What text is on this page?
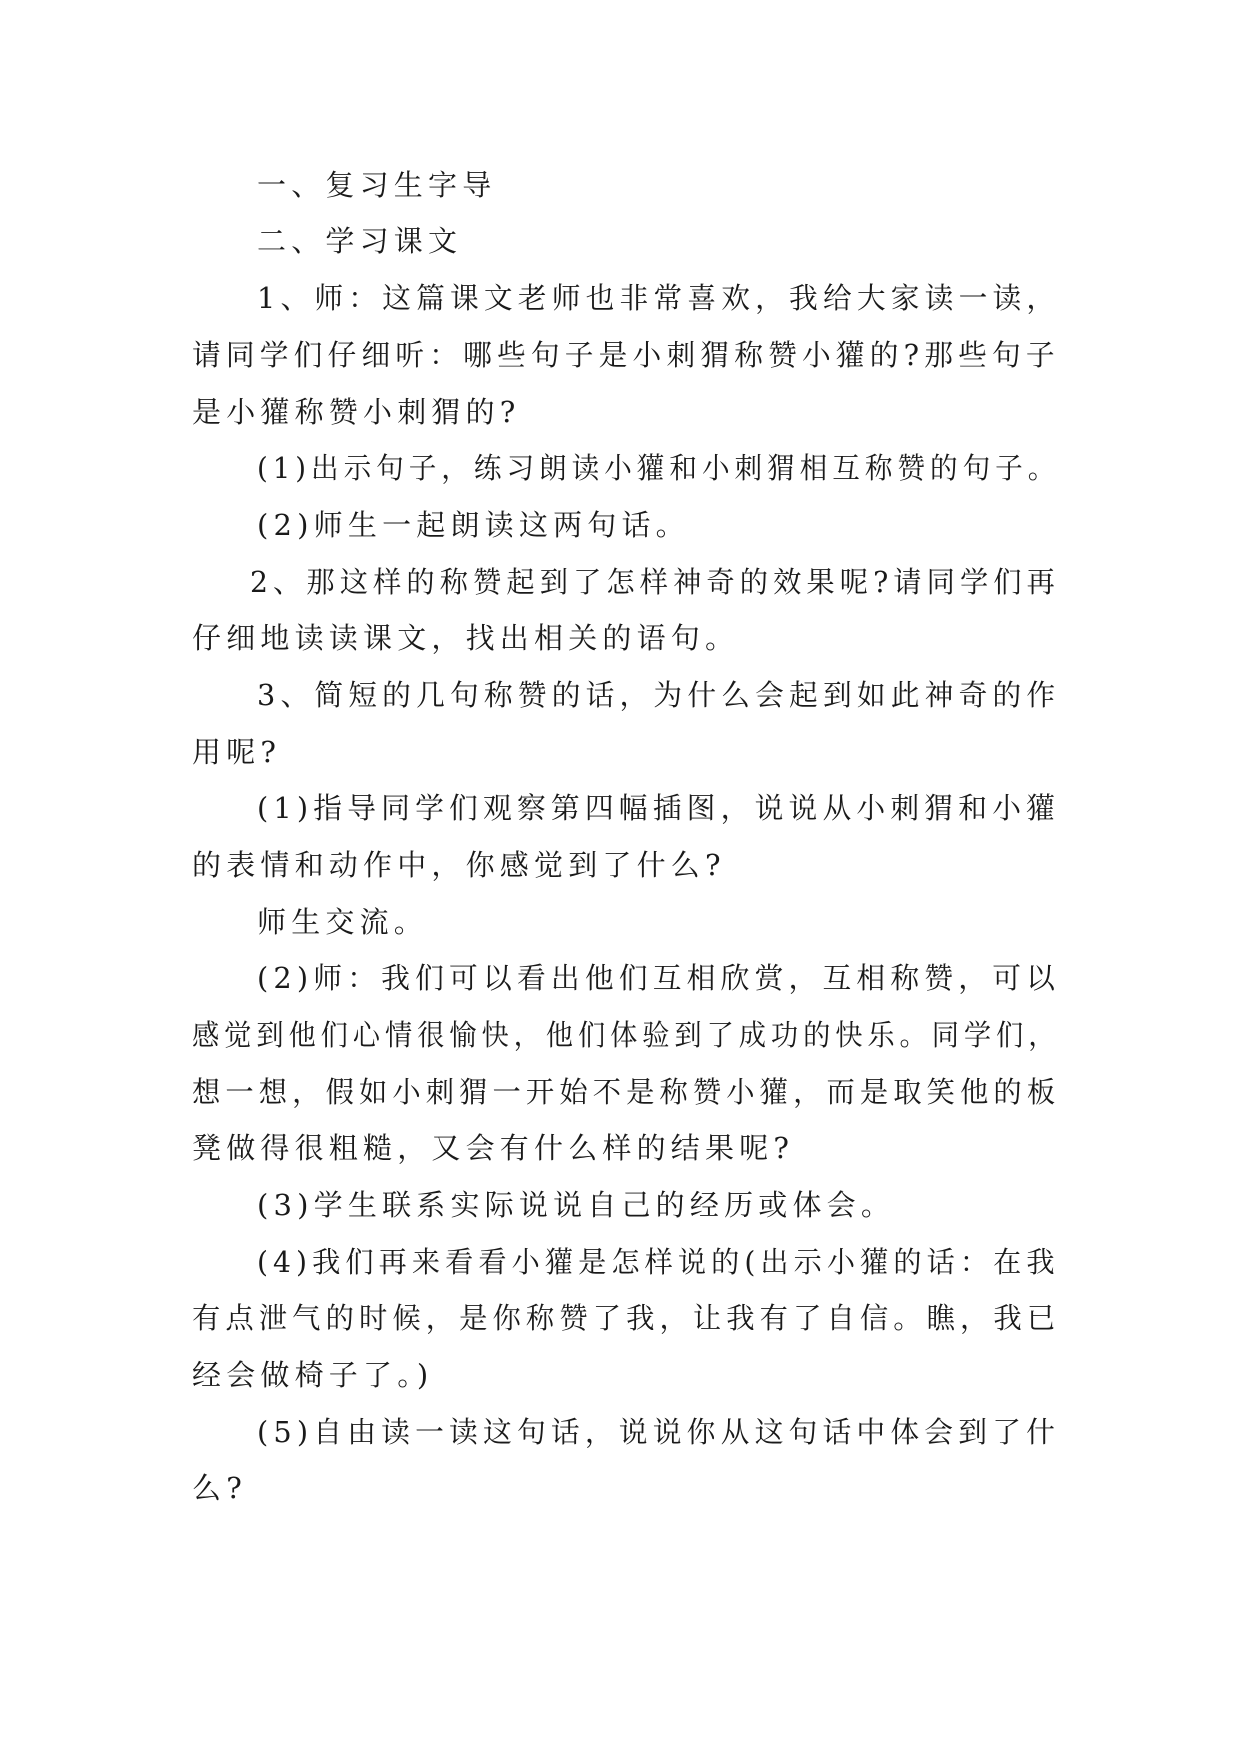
一、复习生字导
二、学习课文
1、师：这篇课文老师也非常喜欢，我给大家读一读，
请同学们仔细听：哪些句子是小刺猬称赞小獾的?那些句子
是小獾称赞小刺猬的?
(1)出示句子，练习朗读小獾和小刺猬相互称赞的句子。
(2)师生一起朗读这两句话。
2、那这样的称赞起到了怎样神奇的效果呢?请同学们再
仔细地读读课文，找出相关的语句。
3、简短的几句称赞的话，为什么会起到如此神奇的作
用呢?
(1)指导同学们观察第四幅插图，说说从小刺猬和小獾
的表情和动作中，你感觉到了什么?
师生交流。
(2)师：我们可以看出他们互相欣赏，互相称赞，可以
感觉到他们心情很愉快，他们体验到了成功的快乐。同学们，
想一想，假如小刺猬一开始不是称赞小獾，而是取笑他的板
凳做得很粗糙，又会有什么样的结果呢?
(3)学生联系实际说说自己的经历或体会。
(4)我们再来看看小獾是怎样说的(出示小獾的话：在我
有点泄气的时候，是你称赞了我，让我有了自信。瞧，我已
经会做椅子了。)
(5)自由读一读这句话，说说你从这句话中体会到了什
么?
